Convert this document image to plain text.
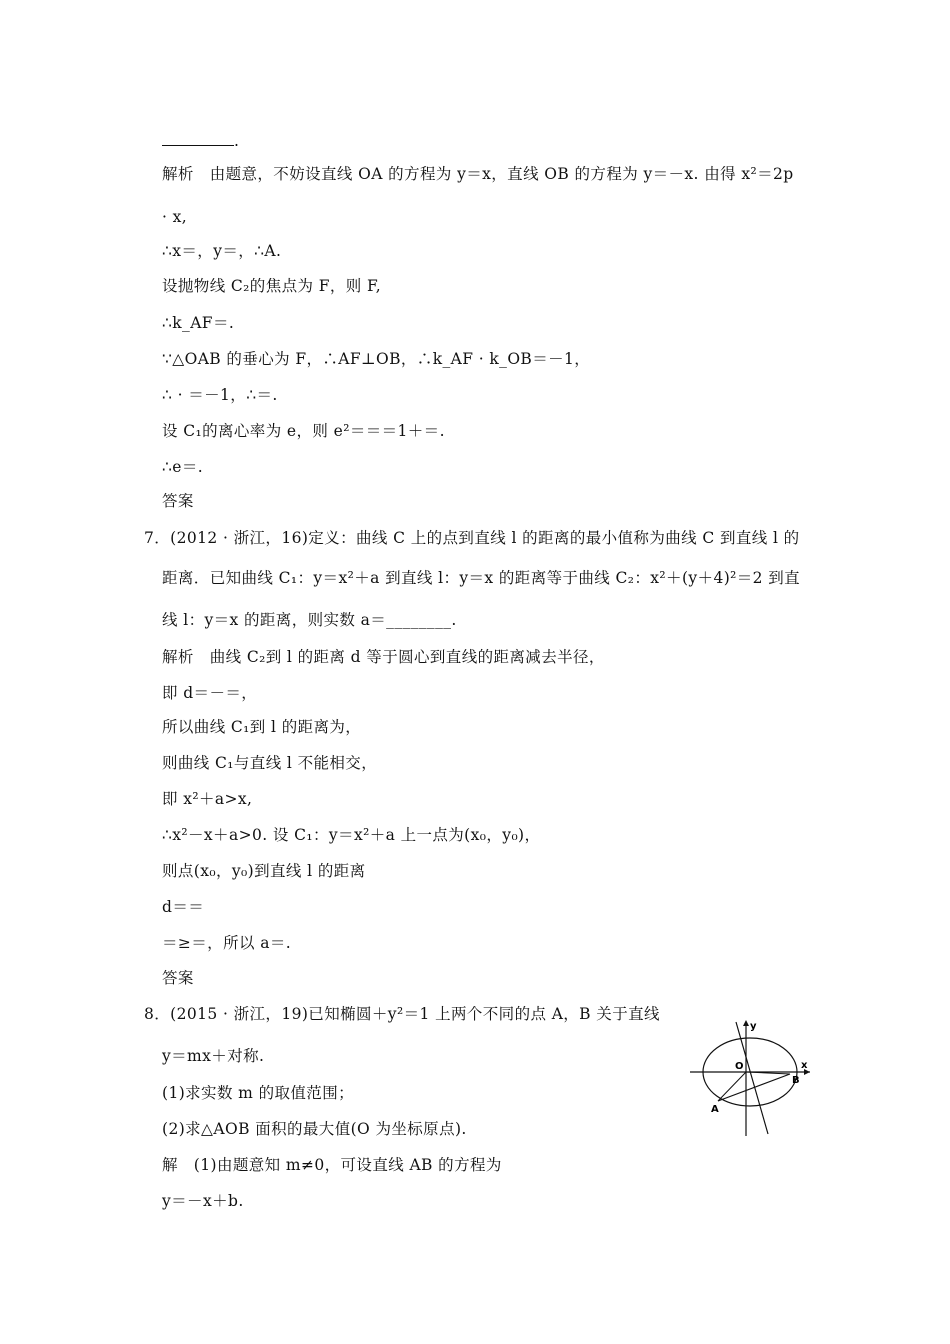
.
解析　由题意，不妨设直线 OA 的方程为 y＝x，直线 OB 的方程为 y＝－x. 由得 x²＝2p
· x,
∴x＝，y＝，∴A.
设抛物线 C₂的焦点为 F，则 F,
∴k_AF＝.
∵△OAB 的垂心为 F，∴AF⊥OB，∴k_AF · k_OB＝－1，
∴ · ＝－1，∴＝.
设 C₁的离心率为 e，则 e²＝＝＝1＋＝.
∴e＝.
答案
7．(2012 · 浙江，16)定义：曲线 C 上的点到直线 l 的距离的最小值称为曲线 C 到直线 l 的
距离．已知曲线 C₁：y＝x²＋a 到直线 l：y＝x 的距离等于曲线 C₂：x²＋(y＋4)²＝2 到直
线 l：y＝x 的距离，则实数 a＝________.
解析　曲线 C₂到 l 的距离 d 等于圆心到直线的距离减去半径，
即 d＝－＝，
所以曲线 C₁到 l 的距离为，
则曲线 C₁与直线 l 不能相交，
即 x²＋a>x,
∴x²－x＋a>0. 设 C₁：y＝x²＋a 上一点为(x₀，y₀)，
则点(x₀，y₀)到直线 l 的距离
d＝＝
＝≥＝，所以 a＝.
答案
8．(2015 · 浙江，19)已知椭圆＋y²＝1 上两个不同的点 A，B 关于直线
y＝mx＋对称.
(1)求实数 m 的取值范围；
(2)求△AOB 面积的最大值(O 为坐标原点).
解　(1)由题意知 m≠0，可设直线 AB 的方程为
y＝－x＋b.
y
x
O
A
B
